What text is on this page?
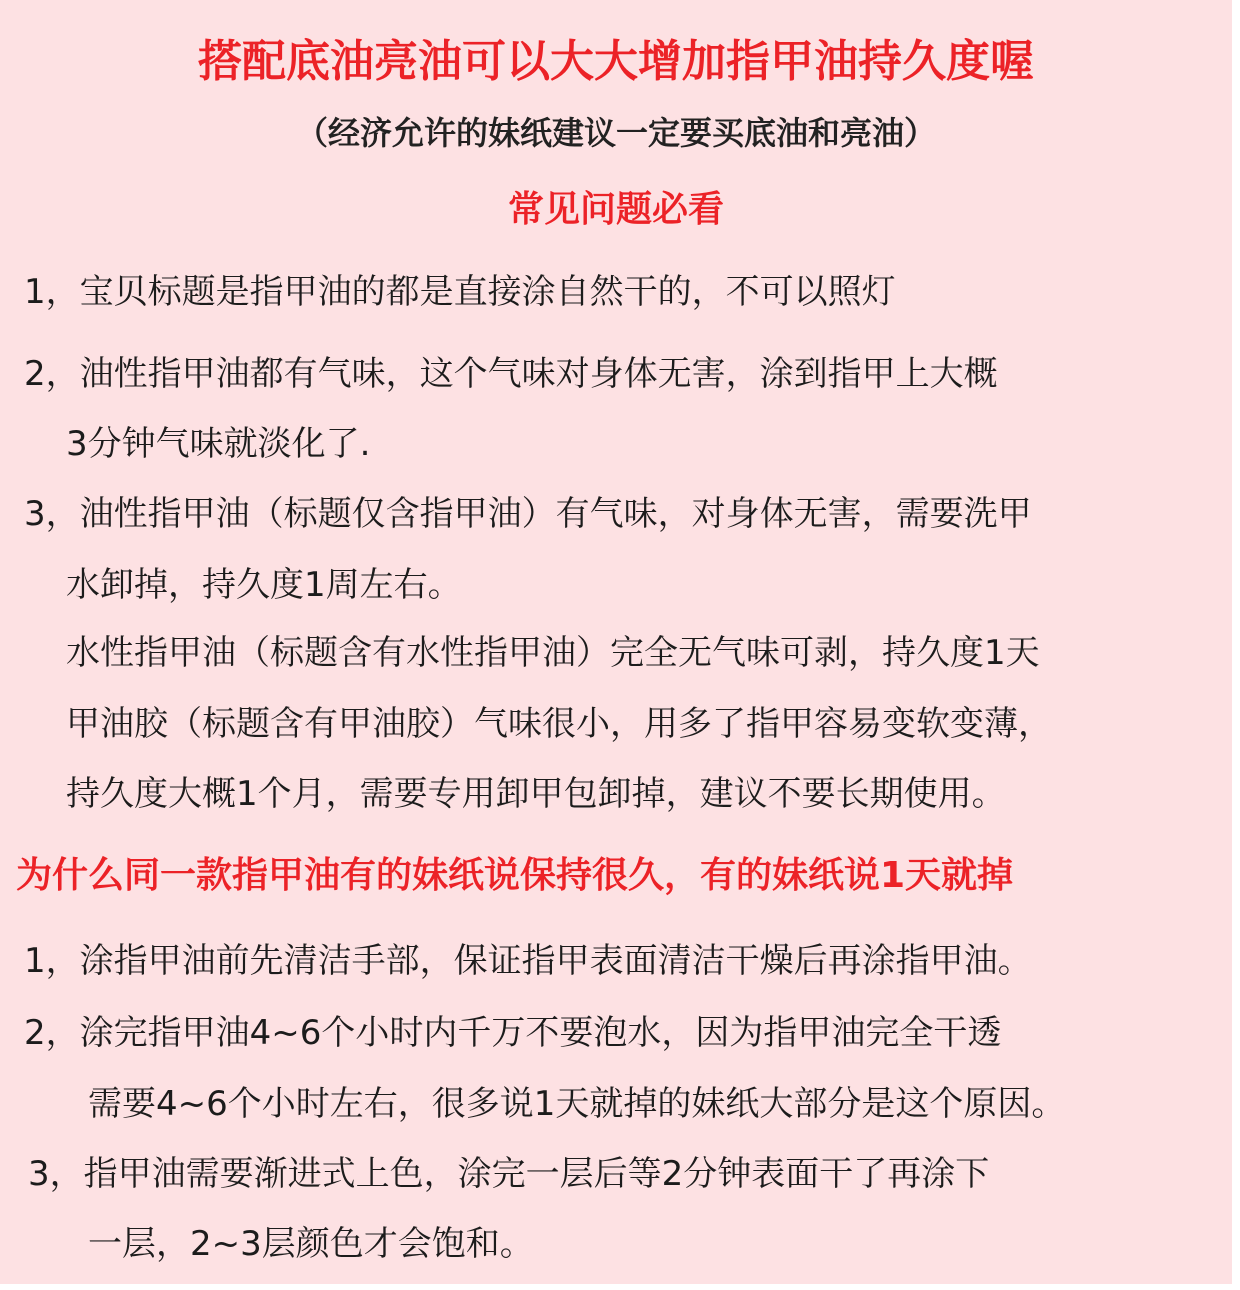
搭配底油亮油可以大大增加指甲油持久度喔
（经济允许的妹纸建议一定要买底油和亮油）
常见问题必看
1，宝贝标题是指甲油的都是直接涂自然干的，不可以照灯
2，油性指甲油都有气味，这个气味对身体无害，涂到指甲上大概
3分钟气味就淡化了.
3，油性指甲油（标题仅含指甲油）有气味，对身体无害，需要洗甲
水卸掉，持久度1周左右。
水性指甲油（标题含有水性指甲油）完全无气味可剥，持久度1天
甲油胶（标题含有甲油胶）气味很小，用多了指甲容易变软变薄，
持久度大概1个月，需要专用卸甲包卸掉，建议不要长期使用。
为什么同一款指甲油有的妹纸说保持很久，有的妹纸说1天就掉
1，涂指甲油前先清洁手部，保证指甲表面清洁干燥后再涂指甲油。
2，涂完指甲油4~6个小时内千万不要泡水，因为指甲油完全干透
需要4~6个小时左右，很多说1天就掉的妹纸大部分是这个原因。
3，指甲油需要渐进式上色，涂完一层后等2分钟表面干了再涂下
一层，2~3层颜色才会饱和。
